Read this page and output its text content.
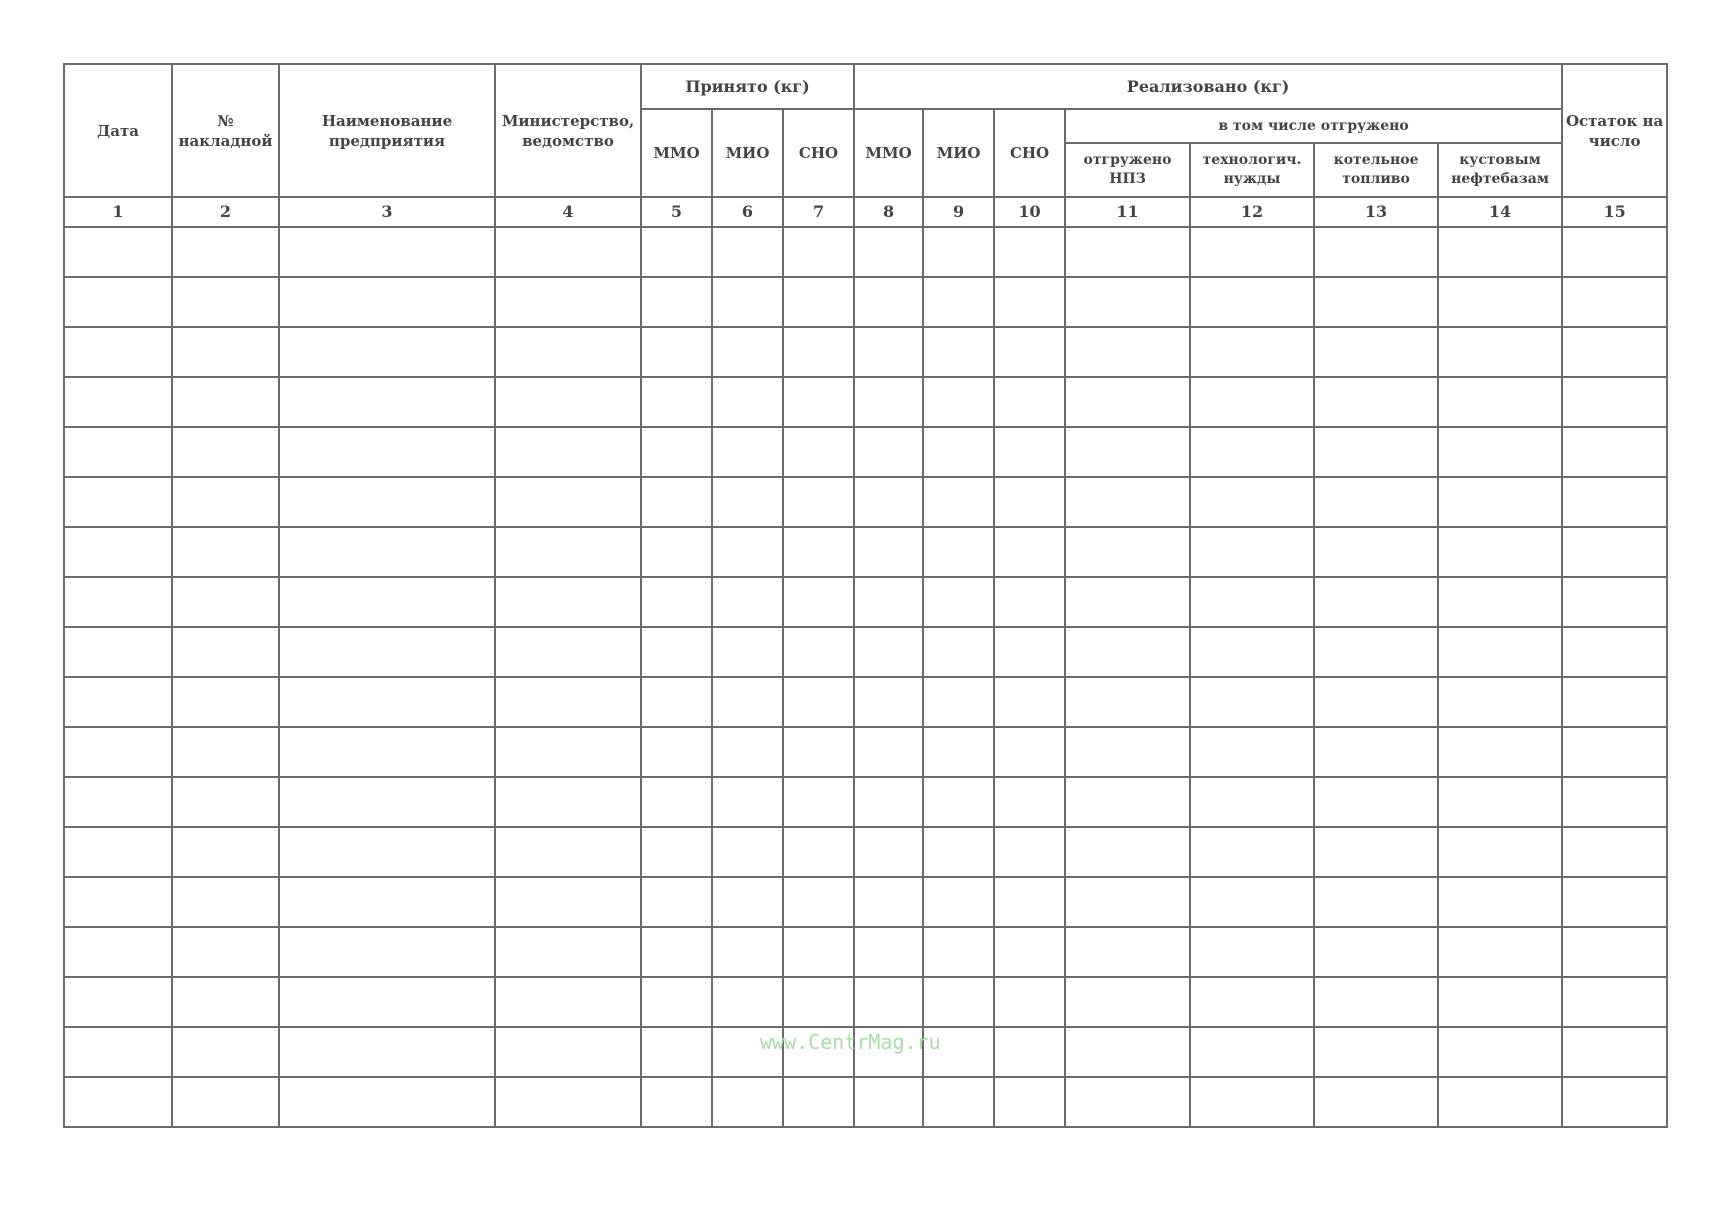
Дата	№ накладной	Наименование предприятия	Министерство, ведомство	Принято (кг)			Реализовано (кг)							Остаток на число
				ММО	МИО	СНО	ММО	МИО	СНО	в том числе отгружено				
										отгружено НПЗ	технологич. нужды	котельное топливо	кустовым нефтебазам	
1	2	3	4	5	6	7	8	9	10	11	12	13	14	15

www.CentrMag.ru
